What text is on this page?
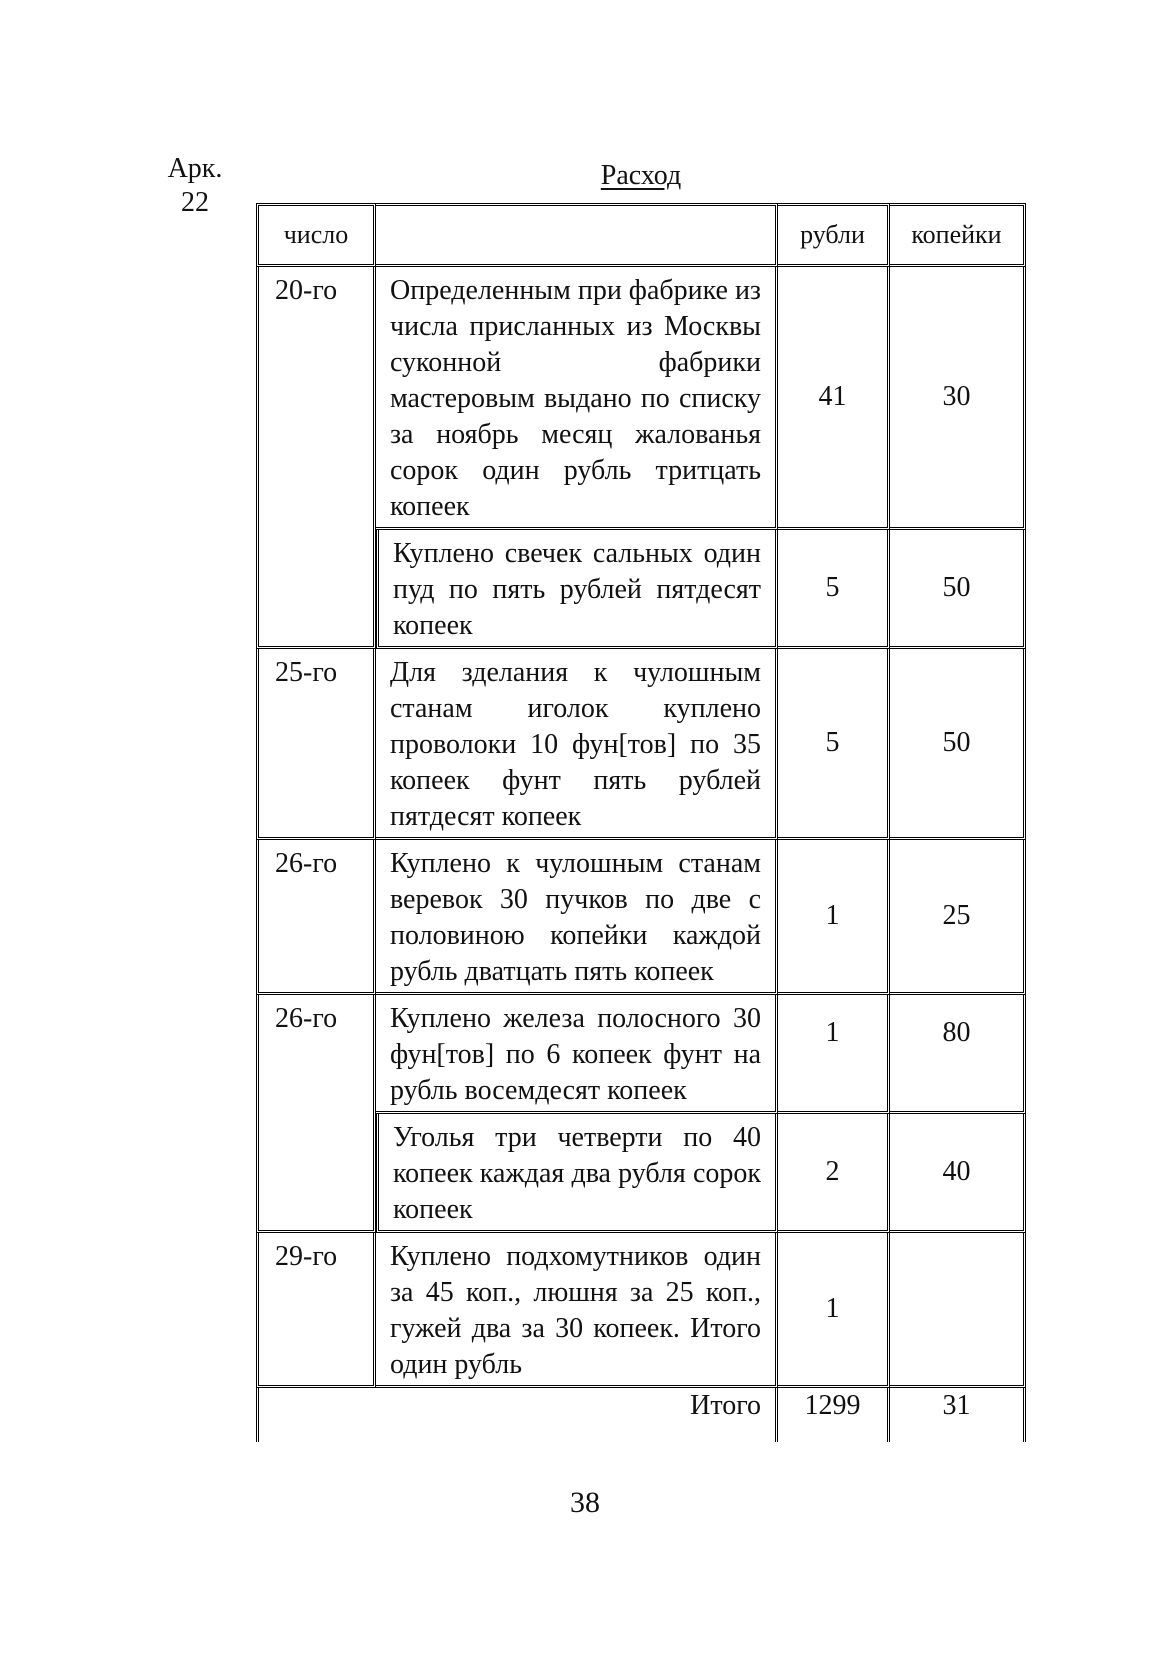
Арк.
22
Расход
число		рубли	копейки
20-го	Определенным при фабрике из числа присланных из Москвы суконной фабрики мастеровым выдано по списку за ноябрь месяц жалованья сорок один рубль тритцать копеек	41	30
	Куплено свечек сальных один пуд по пять рублей пятдесят копеек	5	50
25-го	Для зделания к чулошным станам иголок куплено проволоки 10 фун[тов] по 35 копеек фунт пять рублей пятдесят копеек	5	50
26-го	Куплено к чулошным станам веревок 30 пучков по две с половиною копейки каждой рубль дватцать пять копеек	1	25
26-го	Куплено железа полосного 30 фун[тов] по 6 копеек фунт на рубль восемдесят копеек	1	80
	Уголья три четверти по 40 копеек каждая два рубля сорок копеек	2	40
29-го	Куплено подхомутников один за 45 коп., люшня за 25 коп., гужей два за 30 копеек. Итого один рубль	1	
Итого		1299	31
38
